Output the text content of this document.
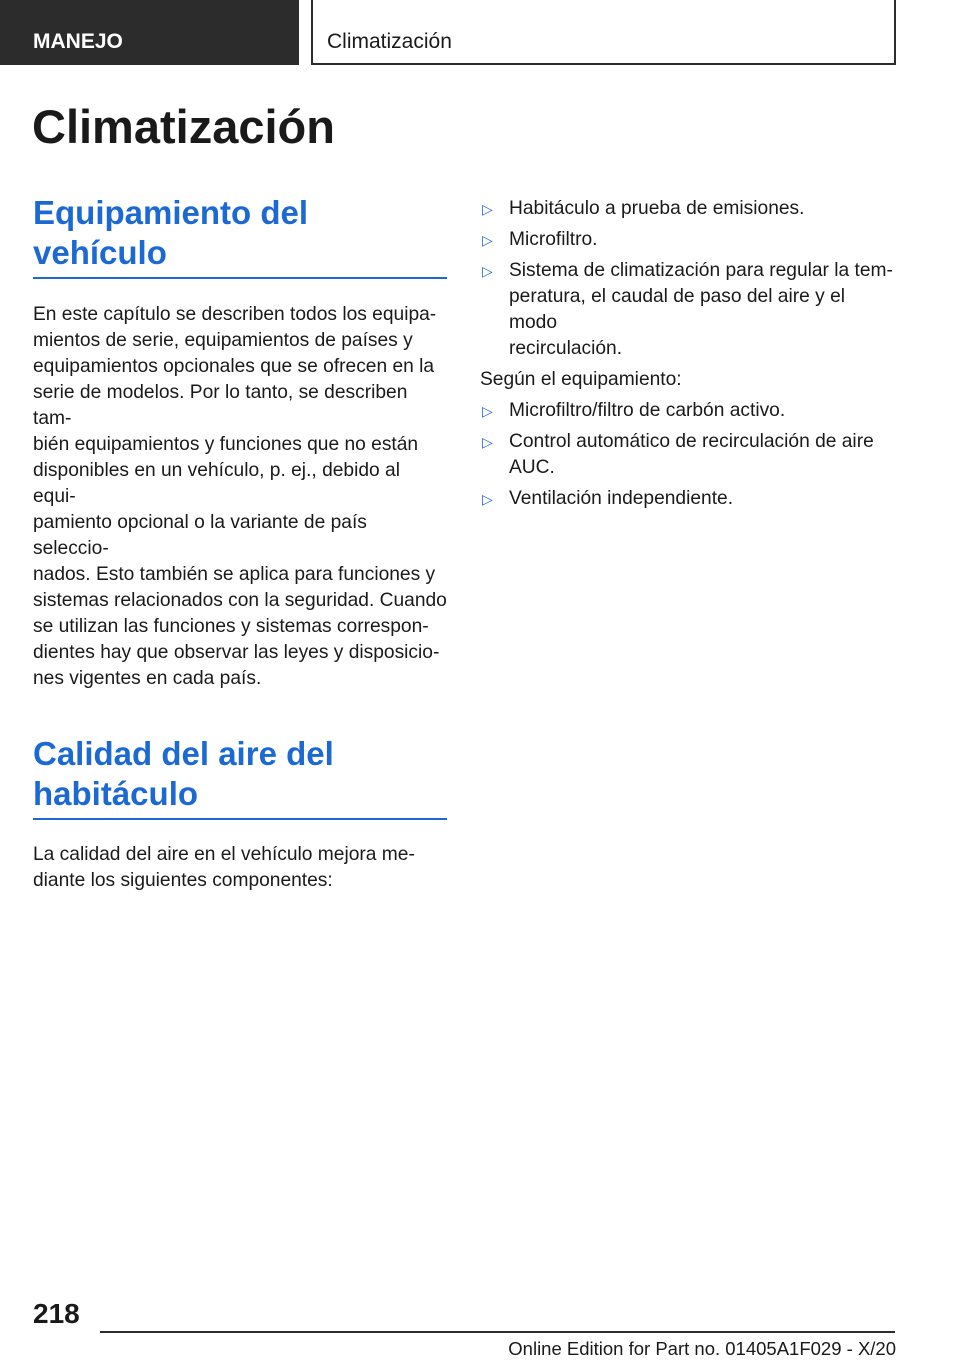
MANEJO	Climatización
Climatización
Equipamiento del vehículo

En este capítulo se describen todos los equipa-

mientos de serie, equipamientos de países y

equipamientos opcionales que se ofrecen en la

serie de modelos. Por lo tanto, se describen tam-

bién equipamientos y funciones que no están

disponibles en un vehículo, p. ej., debido al equi-

pamiento opcional o la variante de país seleccio-

nados. Esto también se aplica para funciones y

sistemas relacionados con la seguridad. Cuando

se utilizan las funciones y sistemas correspon-

dientes hay que observar las leyes y disposicio-

nes vigentes en cada país.

Calidad del aire del
habitáculo

La calidad del aire en el vehículo mejora me-

diante los siguientes componentes:

▷ Habitáculo a prueba de emisiones.
▷ Microfiltro.
▷ Sistema de climatización para regular la tem-
peratura, el caudal de paso del aire y el modo
recirculación.

Según el equipamiento:

▷ Microfiltro/filtro de carbón activo.
▷ Control automático de recirculación de aire
AUC.
▷ Ventilación independiente.
218
Online Edition for Part no. 01405A1F029 - X/20
